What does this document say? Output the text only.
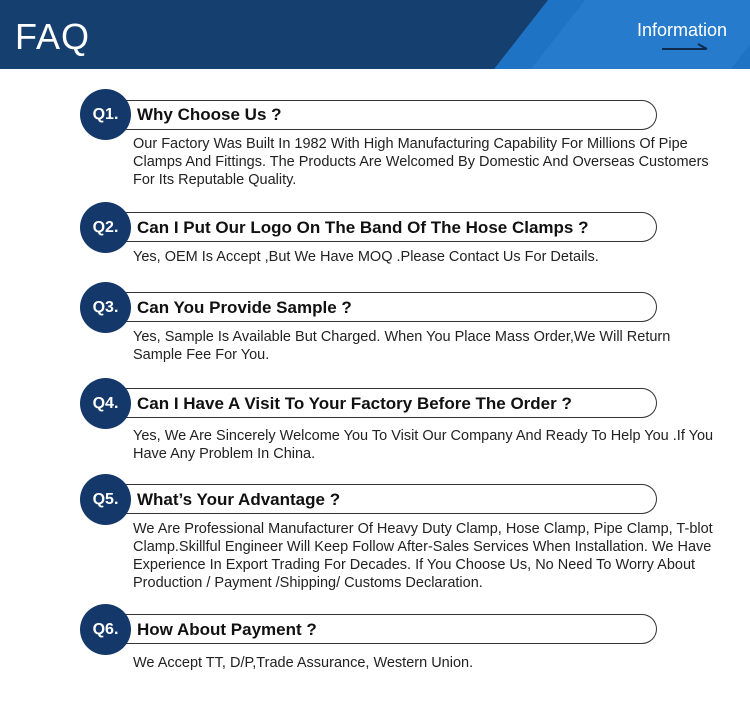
FAQ	Information
Q1.	Why Choose Us ?
Our Factory Was Built In 1982 With High Manufacturing Capability For Millions Of Pipe Clamps And Fittings. The Products Are Welcomed By Domestic And Overseas Customers For Its Reputable Quality.
Q2.	Can I Put Our Logo On The Band Of The Hose Clamps ?
Yes, OEM Is Accept ,But We Have MOQ .Please Contact Us For Details.
Q3.	Can You Provide Sample ?
Yes, Sample Is Available But Charged. When You Place Mass Order,We Will Return Sample Fee For You.
Q4.	Can I Have A Visit To Your Factory Before The Order ?
Yes, We Are Sincerely Welcome You To Visit Our Company And Ready To Help You .If You Have Any Problem In China.
Q5.	What’s Your Advantage ?
We Are Professional Manufacturer Of Heavy Duty Clamp, Hose Clamp, Pipe Clamp, T-blot Clamp.Skillful Engineer Will Keep Follow After-Sales Services When Installation. We Have Experience In Export Trading For Decades. If You Choose Us, No Need To Worry About Production / Payment /Shipping/ Customs Declaration.
Q6.	How About Payment ?
We Accept TT, D/P,Trade Assurance, Western Union.
